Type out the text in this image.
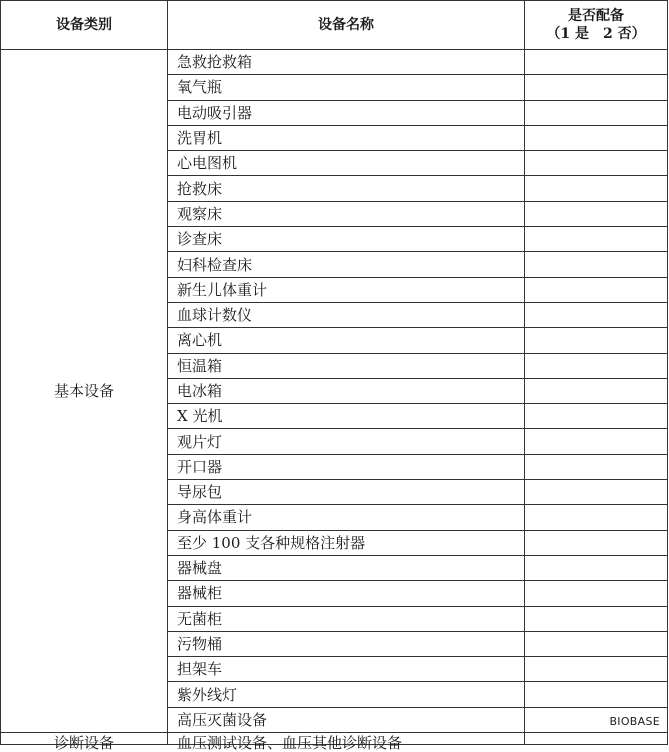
设备类别	设备名称	是否配备
（1 是　2 否）

基本设备	急救抢救箱	
	氧气瓶	
	电动吸引器	
	洗胃机	
	心电图机	
	抢救床	
	观察床	
	诊查床	
	妇科检查床	
	新生儿体重计	
	血球计数仪	
	离心机	
	恒温箱	
	电冰箱	
	X 光机	
	观片灯	
	开口器	
	导尿包	
	身高体重计	
	至少 100 支各种规格注射器	
	器械盘	
	器械柜	
	无菌柜	
	污物桶	
	担架车	
	紫外线灯	
	高压灭菌设备	

诊断设备	血压测试设备、血压其他诊断设备	

BIOBASE
